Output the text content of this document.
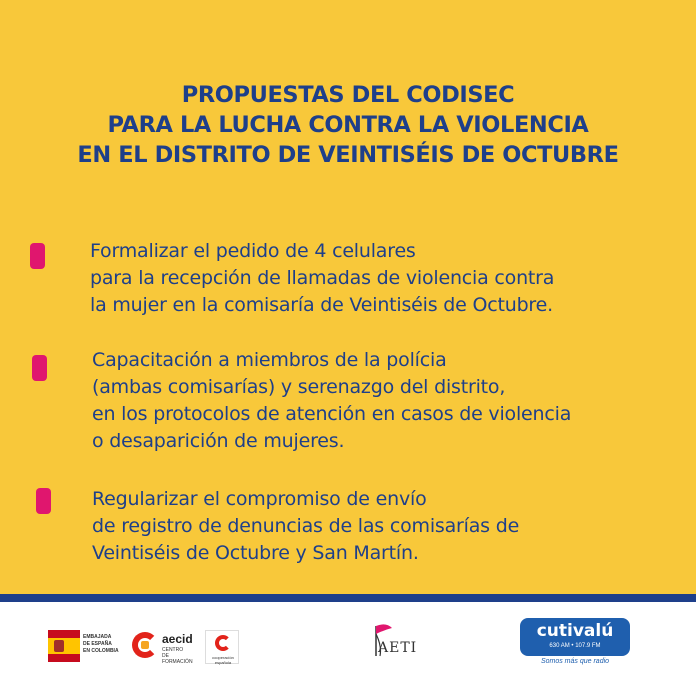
PROPUESTAS DEL CODISEC
PARA LA LUCHA CONTRA LA VIOLENCIA
EN EL DISTRITO DE VEINTISÉIS DE OCTUBRE
Formalizar el pedido de 4 celulares
para la recepción de llamadas de violencia contra
la mujer en la comisaría de Veintiséis de Octubre.
Capacitación a miembros de la polícia
(ambas comisarías) y serenazgo del distrito,
en los protocolos de atención en casos de violencia
o desaparición de mujeres.
Regularizar el compromiso de envío
de registro de denuncias de las comisarías de
Veintiséis de Octubre y San Martín.
EMBAJADA
DE ESPAÑA
EN COLOMBIA
aecid
CENTRO
DE FORMACIÓN
cooperación española
AETI
cutivalú
630 AM • 107.9 FM
Somos más que radio
